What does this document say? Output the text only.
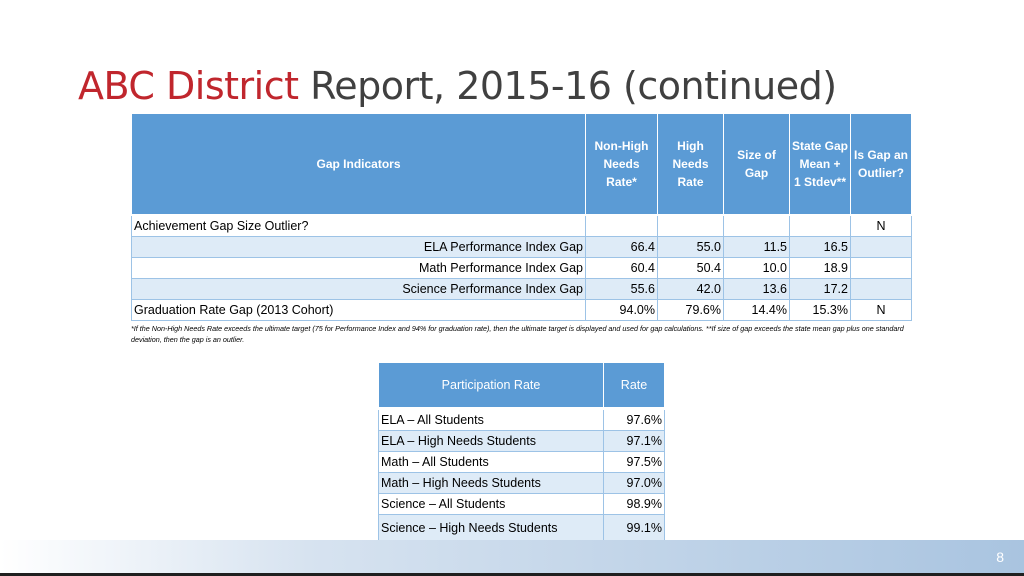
ABC District Report, 2015-16 (continued)
Gap Indicators	Non-High
Needs
Rate*	High
Needs
Rate	Size of
Gap	State Gap
Mean +
1 Stdev**	Is Gap an
Outlier?
Achievement Gap Size Outlier?					N
ELA Performance Index Gap	66.4	55.0	11.5	16.5	
Math Performance Index Gap	60.4	50.4	10.0	18.9	
Science Performance Index Gap	55.6	42.0	13.6	17.2	
Graduation Rate Gap (2013 Cohort)	94.0%	79.6%	14.4%	15.3%	N
*If the Non-High Needs Rate exceeds the ultimate target (75 for Performance Index and 94% for graduation rate), then the ultimate target is displayed and used for gap calculations. **If size of gap exceeds the state mean gap plus one standard deviation, then the gap is an outlier.
Participation Rate	Rate
ELA – All Students	97.6%
ELA – High Needs Students	97.1%
Math – All Students	97.5%
Math – High Needs Students	97.0%
Science – All Students	98.9%
Science – High Needs Students	99.1%
8
